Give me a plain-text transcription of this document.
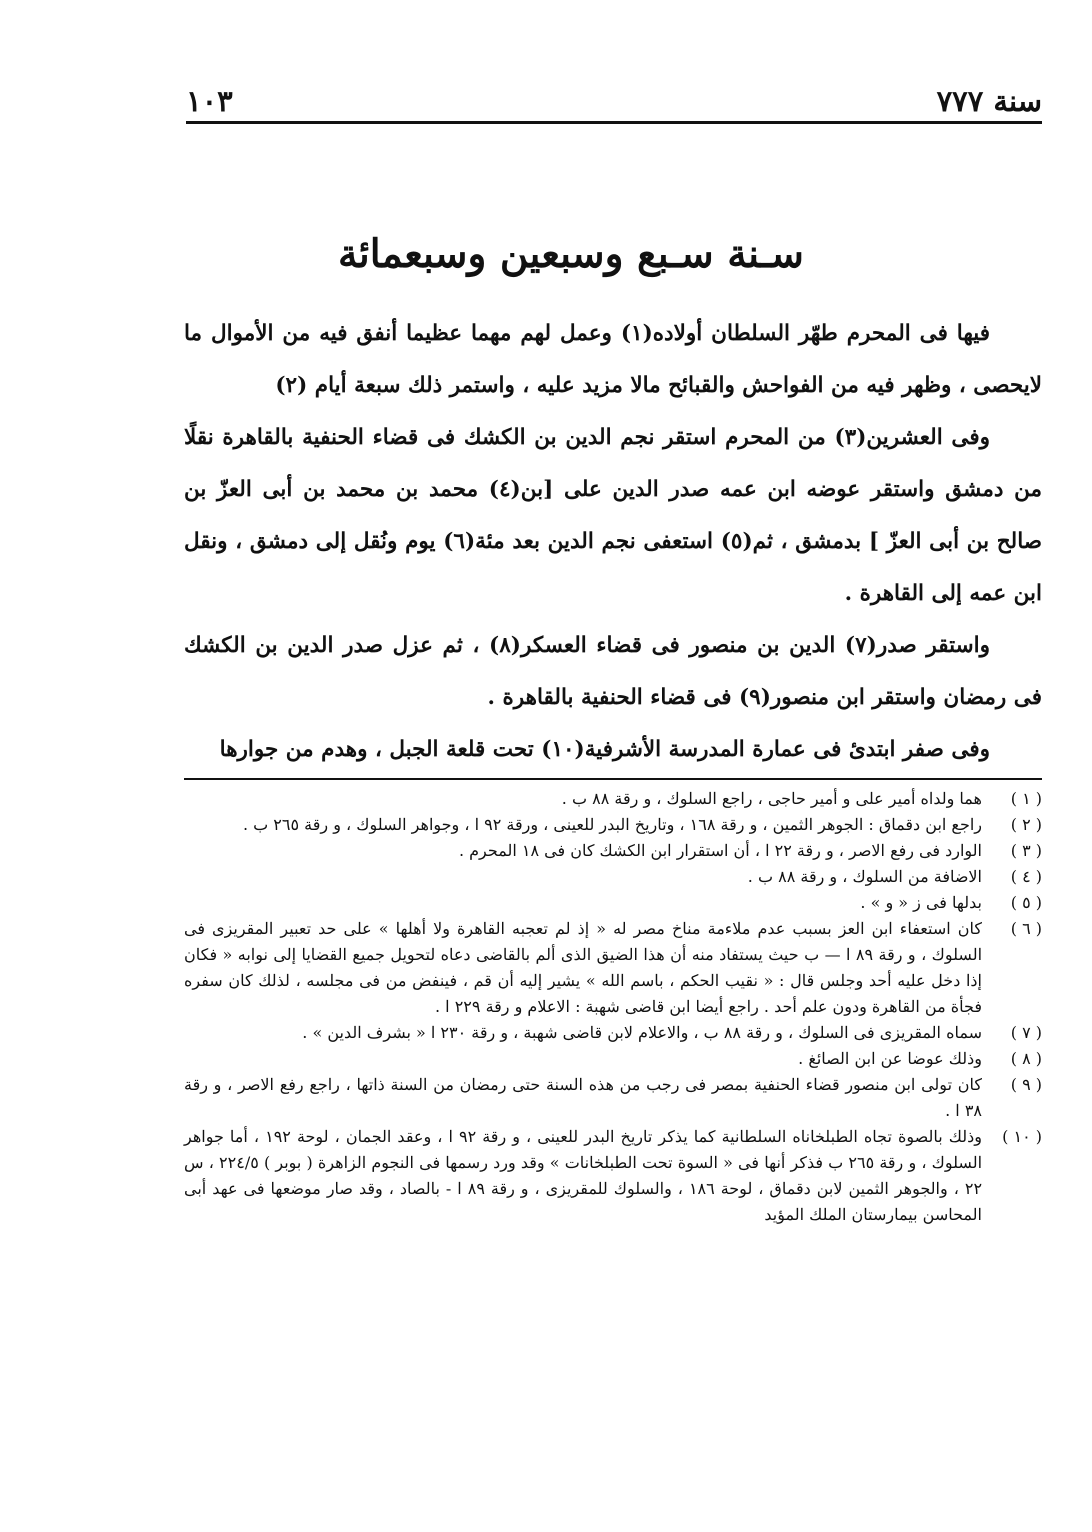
سنة ٧٧٧
١٠٣
سـنة سـبع وسبعين وسبعمائة

فيها فى المحرم طهّر السلطان أولاده(١) وعمل لهم مهما عظيما أنفق فيه من الأموال ما لايحصى ، وظهر فيه من الفواحش والقبائح مالا مزيد عليه ، واستمر ذلك سبعة أيام (٢)

وفى العشرين(٣) من المحرم استقر نجم الدين بن الكشك فى قضاء الحنفية بالقاهرة نقلًا من دمشق واستقر عوضه ابن عمه صدر الدين على [بن(٤) محمد بن محمد بن أبى العزّ بن صالح بن أبى العزّ ] بدمشق ، ثم(٥) استعفى نجم الدين بعد مئة(٦) يوم ونُقل إلى دمشق ، ونقل ابن عمه إلى القاهرة .

واستقر صدر(٧) الدين بن منصور فى قضاء العسكر(٨) ، ثم عزل صدر الدين بن الكشك فى رمضان واستقر ابن منصور(٩) فى قضاء الحنفية بالقاهرة .

وفى صفر ابتدئ فى عمارة المدرسة الأشرفية(١٠) تحت قلعة الجبل ، وهدم من جوارها

( ١ )
هما ولداه أمير على و أمير حاجى ، راجع السلوك ، و رقة ٨٨ ب .
( ٢ )
راجع ابن دقماق : الجوهر الثمين ، و رقة ١٦٨ ، وتاريخ البدر للعينى ، ورقة ٩٢ ا ، وجواهر السلوك ، و رقة ٢٦٥ ب .
( ٣ )
الوارد فى رفع الاصر ، و رقة ٢٢ ا ، أن استقرار ابن الكشك كان فى ١٨ المحرم .
( ٤ )
الاضافة من السلوك ، و رقة ٨٨ ب .
( ٥ )
بدلها فى ز « و » .
( ٦ )
كان استعفاء ابن العز بسبب عدم ملاءمة مناخ مصر له « إذ لم تعجبه القاهرة ولا أهلها » على حد تعبير المقريزى فى السلوك ، و رقة ٨٩ ا — ب حيث يستفاد منه أن هذا الضيق الذى ألم بالقاضى دعاه لتحويل جميع القضايا إلى نوابه « فكان إذا دخل عليه أحد وجلس قال : « نقيب الحكم ، باسم الله » يشير إليه أن قم ، فينفض من فى مجلسه ، لذلك كان سفره فجأة من القاهرة ودون علم أحد . راجع أيضا ابن قاضى شهبة : الاعلام و رقة ٢٢٩ ا .
( ٧ )
سماه المقريزى فى السلوك ، و رقة ٨٨ ب ، والاعلام لابن قاضى شهبة ، و رقة ٢٣٠ ا « بشرف الدين » .
( ٨ )
وذلك عوضا عن ابن الصائغ .
( ٩ )
كان تولى ابن منصور قضاء الحنفية بمصر فى رجب من هذه السنة حتى رمضان من السنة ذاتها ، راجع رفع الاصر ، و رقة ٣٨ ا .
( ١٠ )
وذلك بالصوة تجاه الطبلخاناه السلطانية كما يذكر تاريخ البدر للعينى ، و رقة ٩٢ ا ، وعقد الجمان ، لوحة ١٩٢ ، أما جواهر السلوك ، و رقة ٢٦٥ ب فذكر أنها فى « السوة تحت الطبلخانات » وقد ورد رسمها فى النجوم الزاهرة ( بوبر ) ٢٢٤/٥ ، س ٢٢ ، والجوهر الثمين لابن دقماق ، لوحة ١٨٦ ، والسلوك للمقريزى ، و رقة ٨٩ ا - بالصاد ، وقد صار موضعها فى عهد أبى المحاسن بيمارستان الملك المؤيد
